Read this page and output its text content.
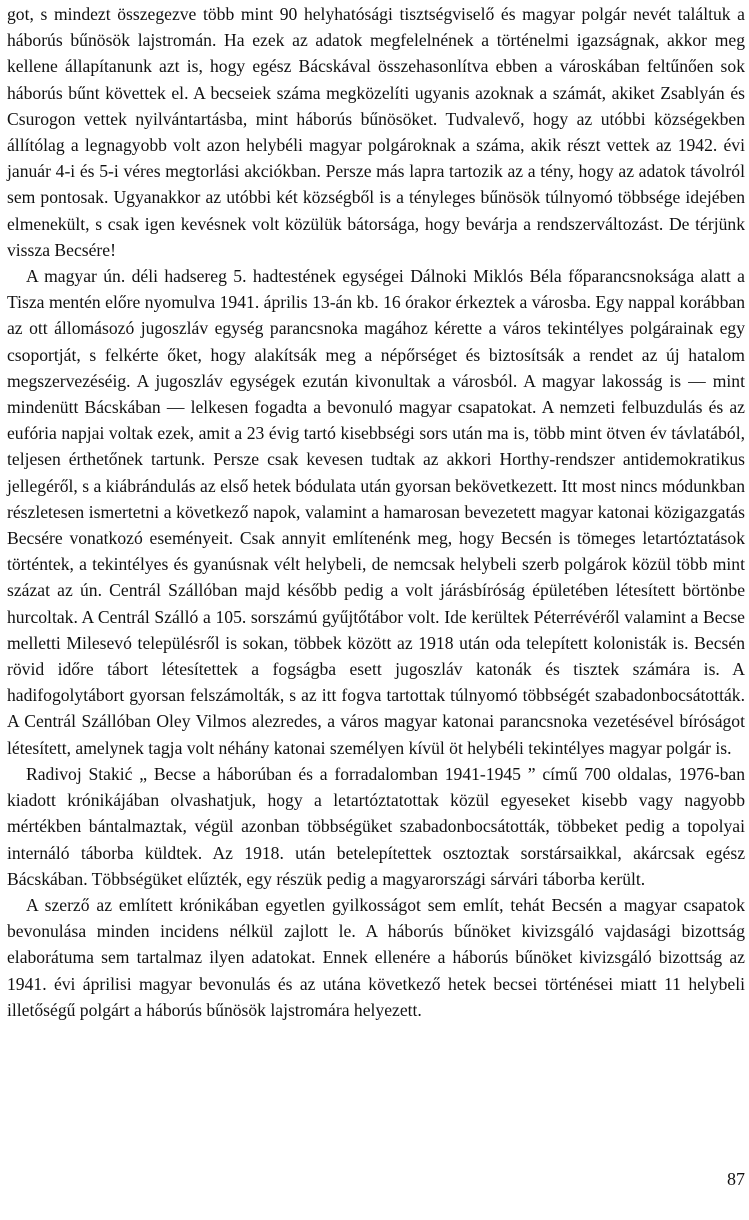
got, s mindezt összegezve több mint 90 helyhatósági tisztségviselő és magyar polgár nevét találtuk a háborús bűnösök lajstromán. Ha ezek az adatok megfelelnének a történelmi igazságnak, akkor meg kellene állapítanunk azt is, hogy egész Bácskával összehasonlítva ebben a városkában feltűnően sok háborús bűnt követtek el. A becseiek száma megközelíti ugyanis azoknak a számát, akiket Zsablyán és Csurogon vettek nyilvántartásba, mint háborús bűnösöket. Tudvalevő, hogy az utóbbi községekben állítólag a legnagyobb volt azon helybéli magyar polgároknak a száma, akik részt vettek az 1942. évi január 4-i és 5-i véres megtorlási akciókban. Persze más lapra tartozik az a tény, hogy az adatok távolról sem pontosak. Ugyanakkor az utóbbi két községből is a tényleges bűnösök túlnyomó többsége idejében elmenekült, s csak igen kevésnek volt közülük bátorsága, hogy bevárja a rendszerváltozást. De térjünk vissza Becsére!

A magyar ún. déli hadsereg 5. hadtestének egységei Dálnoki Miklós Béla főparancsnoksága alatt a Tisza mentén előre nyomulva 1941. április 13-án kb. 16 órakor érkeztek a városba. Egy nappal korábban az ott állomásozó jugoszláv egység parancsnoka magához kérette a város tekintélyes polgárainak egy csoportját, s felkérte őket, hogy alakítsák meg a népőrséget és biztosítsák a rendet az új hatalom megszervezéséig. A jugoszláv egységek ezután kivonultak a városból. A magyar lakosság is — mint mindenütt Bácskában — lelkesen fogadta a bevonuló magyar csapatokat. A nemzeti felbuzdulás és az eufória napjai voltak ezek, amit a 23 évig tartó kisebbségi sors után ma is, több mint ötven év távlatából, teljesen érthetőnek tartunk. Persze csak kevesen tudtak az akkori Horthy-rendszer antidemokratikus jellegéről, s a kiábrándulás az első hetek bódulata után gyorsan bekövetkezett. Itt most nincs módunkban részletesen ismertetni a következő napok, valamint a hamarosan bevezetett magyar katonai közigazgatás Becsére vonatkozó eseményeit. Csak annyit említenénk meg, hogy Becsén is tömeges letartóztatások történtek, a tekintélyes és gyanúsnak vélt helybeli, de nemcsak helybeli szerb polgárok közül több mint százat az ún. Centrál Szállóban majd később pedig a volt járásbíróság épületében létesített börtönbe hurcoltak. A Centrál Szálló a 105. sorszámú gyűjtőtábor volt. Ide kerültek Péterrévéről valamint a Becse melletti Milesevó településről is sokan, többek között az 1918 után oda telepített kolonisták is. Becsén rövid időre tábort létesítettek a fogságba esett jugoszláv katonák és tisztek számára is. A hadifogolytábort gyorsan felszámolták, s az itt fogva tartottak túlnyomó többségét szabadonbocsátották. A Centrál Szállóban Oley Vilmos alezredes, a város magyar katonai parancsnoka vezetésével bíróságot létesített, amelynek tagja volt néhány katonai személyen kívül öt helybéli tekintélyes magyar polgár is.

Radivoj Stakić „ Becse a háborúban és a forradalomban 1941-1945 ” című 700 oldalas, 1976-ban kiadott krónikájában olvashatjuk, hogy a letartóztatottak közül egyeseket kisebb vagy nagyobb mértékben bántalmaztak, végül azonban többségüket szabadonbocsátották, többeket pedig a topolyai internáló táborba küldtek. Az 1918. után betelepítettek osztoztak sorstársaikkal, akárcsak egész Bácskában. Többségüket elűzték, egy részük pedig a magyarországi sárvári táborba került.

A szerző az említett krónikában egyetlen gyilkosságot sem említ, tehát Becsén a magyar csapatok bevonulása minden incidens nélkül zajlott le. A háborús bűnöket kivizsgáló vajdasági bizottság elaborátuma sem tartalmaz ilyen adatokat. Ennek ellenére a háborús bűnöket kivizsgáló bizottság az 1941. évi áprilisi magyar bevonulás és az utána következő hetek becsei történései miatt 11 helybeli illetőségű polgárt a háborús bűnösök lajstromára helyezett.

87
